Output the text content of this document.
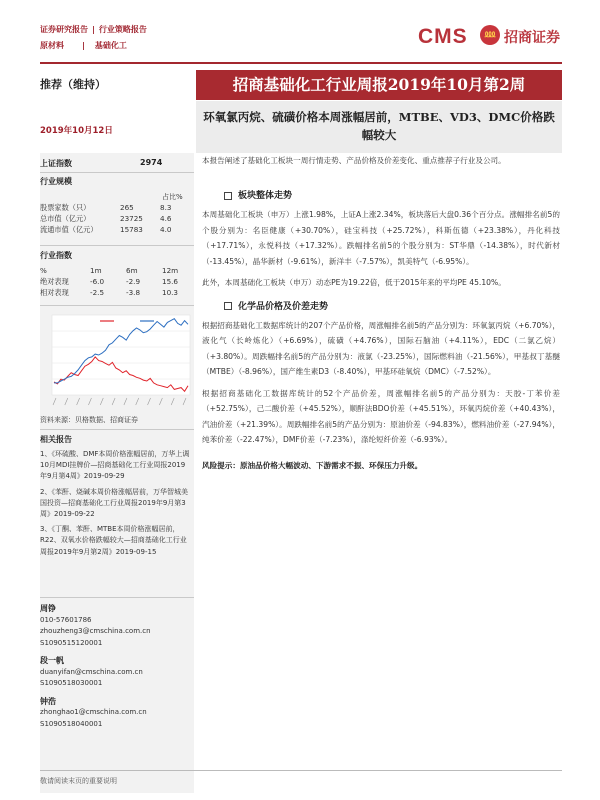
证券研究报告 | 行业策略报告
原材料 | 基础化工	CMS	⅏ 招商证券
推荐（维持）	招商基础化工行业周报2019年10月第2周
环氧氯丙烷、硫磺价格本周涨幅居前，MTBE、VD3、DMC价格跌幅较大
2019年10月12日
上证指数	2974
行业规模
占比%
股票家数（只）	265	8.3
总市值（亿元）	23725	4.6
流通市值（亿元）	15783	4.0
行业指数
%	1m	6m	12m
绝对表现	-6.0	-2.9	15.6
相对表现	-2.5	-3.8	10.3
资料来源：贝格数据、招商证券
相关报告
1、《环硫酸、DMF本周价格涨幅居前，万华上调10月MDI挂牌价—招商基础化工行业周报2019年9月第4周》2019-09-29
2、《苯酐、烧碱本周价格涨幅居前，万华智城美国投资—招商基础化工行业周报2019年9月第3周》2019-09-22
3、《丁酮、苯酐、MTBE本周价格涨幅居前，R22、双氧水价格跌幅较大—招商基础化工行业周报2019年9月第2周》2019-09-15
周铮
010-57601786
zhouzheng3@cmschina.com.cn
S1090515120001
段一帆
duanyifan@cmschina.com.cn
S1090518030001
钟浩
zhonghao1@cmschina.com.cn
S1090518040001
本报告阐述了基础化工板块一周行情走势、产品价格及价差变化、重点推荐子行业及公司。
板块整体走势
本周基础化工板块（申万）上涨1.98%，上证A上涨2.34%，板块落后大盘0.36个百分点。涨幅排名前5的个股分别为：名臣健康（+30.70%），硅宝科技（+25.72%），科斯伍德（+23.38%），丹化科技（+17.71%），永悦科技（+17.32%）。跌幅排名前5的个股分别为：ST华鼎（-14.38%），时代新材（-13.45%），晶华新材（-9.61%），新洋丰（-7.57%），凯美特气（-6.95%）。
此外，本周基础化工板块（申万）动态PE为19.22倍，低于2015年来的平均PE 45.10%。
化学品价格及价差走势
根据招商基础化工数据库统计的207个产品价格，周涨幅排名前5的产品分别为：环氧氯丙烷（+6.70%），液化气（长岭炼化）（+6.69%），硫磺（+4.76%），国际石脑油（+4.11%），EDC（二氯乙烷）（+3.80%）。周跌幅排名前5的产品分别为：液氯（-23.25%），国际燃料油（-21.56%），甲基叔丁基醚（MTBE）（-8.96%），国产维生素D3（-8.40%），甲基环硅氧烷（DMC）（-7.52%）。
根据招商基础化工数据库统计的52个产品价差，周涨幅排名前5的产品分别为：天胶-丁苯价差（+52.75%），己二酸价差（+45.52%），顺酐法BDO价差（+45.51%），环氧丙烷价差（+40.43%），汽油价差（+21.39%）。周跌幅排名前5的产品分别为：原油价差（-94.83%），燃料油价差（-27.94%），纯苯价差（-22.47%），DMF价差（-7.23%），涤纶短纤价差（-6.93%）。
风险提示：原油品价格大幅波动、下游需求不振、环保压力升级。
敬请阅读末页的重要说明
